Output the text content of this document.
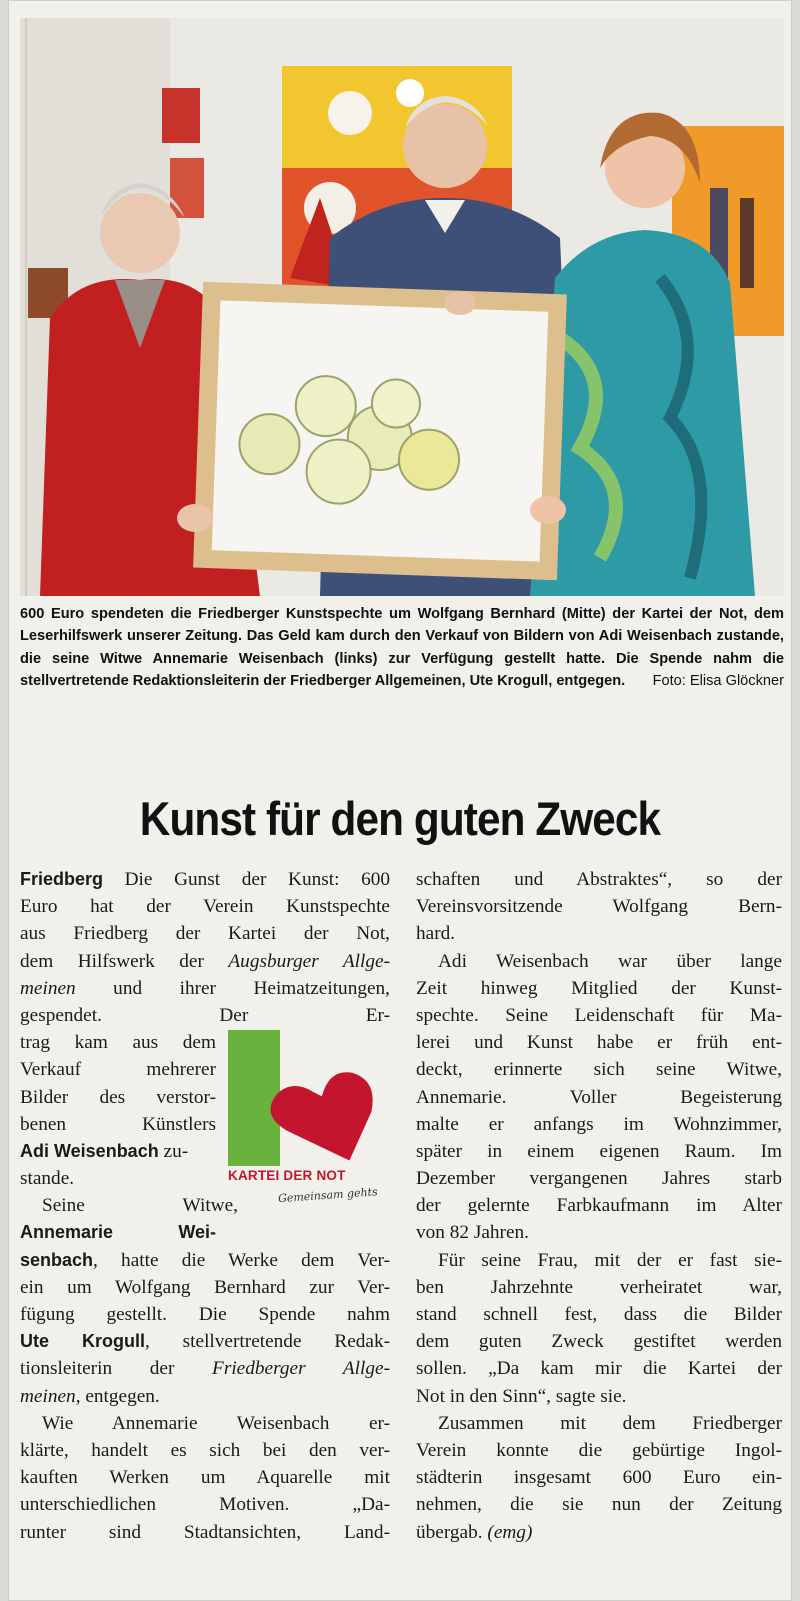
600 Euro spendeten die Friedberger Kunstspechte um Wolfgang Bernhard (Mitte) der Kartei der Not, dem Leserhilfswerk unserer Zeitung. Das Geld kam durch den Verkauf von Bildern von Adi Weisenbach zustande, die seine Witwe Annemarie Weisenbach (links) zur Verfügung gestellt hatte. Die Spende nahm die stellvertretende Redaktionsleiterin der Friedberger Allgemeinen, Ute Krogull, entgegen. Foto: Elisa Glöckner
Kunst für den guten Zweck
Friedberg Die Gunst der Kunst: 600
Euro hat der Verein Kunstspechte
aus Friedberg der Kartei der Not,
dem Hilfswerk der Augsburger Allge-
meinen und ihrer Heimatzeitungen,
gespendet. Der Er-
trag kam aus dem
Verkauf mehrerer
Bilder des verstor-
benen Künstlers
Adi Weisenbach zu-
stande.
Seine Witwe,
Annemarie Wei-
senbach, hatte die Werke dem Ver-
ein um Wolfgang Bernhard zur Ver-
fügung gestellt. Die Spende nahm
Ute Krogull, stellvertretende Redak-
tionsleiterin der Friedberger Allge-
meinen, entgegen.
Wie Annemarie Weisenbach er-
klärte, handelt es sich bei den ver-
kauften Werken um Aquarelle mit
unterschiedlichen Motiven. „Da-
runter sind Stadtansichten, Land-
schaften und Abstraktes“, so der
Vereinsvorsitzende Wolfgang Bern-
hard.
Adi Weisenbach war über lange
Zeit hinweg Mitglied der Kunst-
spechte. Seine Leidenschaft für Ma-
lerei und Kunst habe er früh ent-
deckt, erinnerte sich seine Witwe,
Annemarie. Voller Begeisterung
malte er anfangs im Wohnzimmer,
später in einem eigenen Raum. Im
Dezember vergangenen Jahres starb
der gelernte Farbkaufmann im Alter
von 82 Jahren.
Für seine Frau, mit der er fast sie-
ben Jahrzehnte verheiratet war,
stand schnell fest, dass die Bilder
dem guten Zweck gestiftet werden
sollen. „Da kam mir die Kartei der
Not in den Sinn“, sagte sie.
Zusammen mit dem Friedberger
Verein konnte die gebürtige Ingol-
städterin insgesamt 600 Euro ein-
nehmen, die sie nun der Zeitung
übergab. (emg)
KARTEI DER NOT
Gemeinsam gehts
